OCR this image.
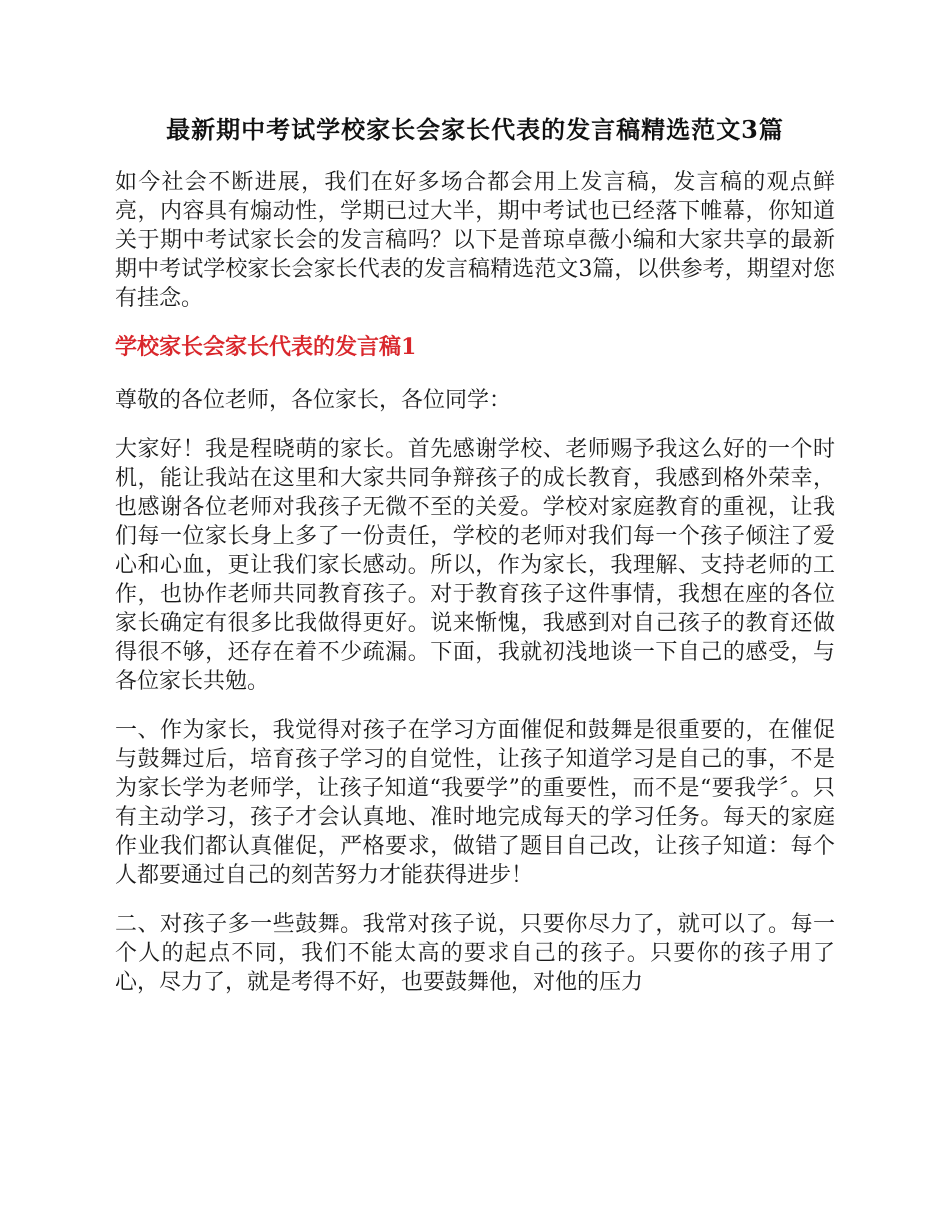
最新期中考试学校家长会家长代表的发言稿精选范文3篇

如今社会不断进展，我们在好多场合都会用上发言稿，发言稿的观点鲜亮，内容具有煽动性，学期已过大半，期中考试也已经落下帷幕，你知道关于期中考试家长会的发言稿吗？以下是普琼卓薇小编和大家共享的最新期中考试学校家长会家长代表的发言稿精选范文3篇，以供参考，期望对您有挂念。

学校家长会家长代表的发言稿1

尊敬的各位老师，各位家长，各位同学：

大家好！我是程晓萌的家长。首先感谢学校、老师赐予我这么好的一个时机，能让我站在这里和大家共同争辩孩子的成长教育，我感到格外荣幸，也感谢各位老师对我孩子无微不至的关爱。学校对家庭教育的重视，让我们每一位家长身上多了一份责任，学校的老师对我们每一个孩子倾注了爱心和心血，更让我们家长感动。所以，作为家长，我理解、支持老师的工作，也协作老师共同教育孩子。对于教育孩子这件事情，我想在座的各位家长确定有很多比我做得更好。说来惭愧，我感到对自己孩子的教育还做得很不够，还存在着不少疏漏。下面，我就初浅地谈一下自己的感受，与各位家长共勉。

一、作为家长，我觉得对孩子在学习方面催促和鼓舞是很重要的，在催促与鼓舞过后，培育孩子学习的自觉性，让孩子知道学习是自己的事，不是为家长学为老师学，让孩子知道“我要学”的重要性，而不是“要我学〞。只有主动学习，孩子才会认真地、准时地完成每天的学习任务。每天的家庭作业我们都认真催促，严格要求，做错了题目自己改，让孩子知道：每个人都要通过自己的刻苦努力才能获得进步！

二、对孩子多一些鼓舞。我常对孩子说，只要你尽力了，就可以了。每一个人的起点不同，我们不能太高的要求自己的孩子。只要你的孩子用了心，尽力了，就是考得不好，也要鼓舞他，对他的压力
